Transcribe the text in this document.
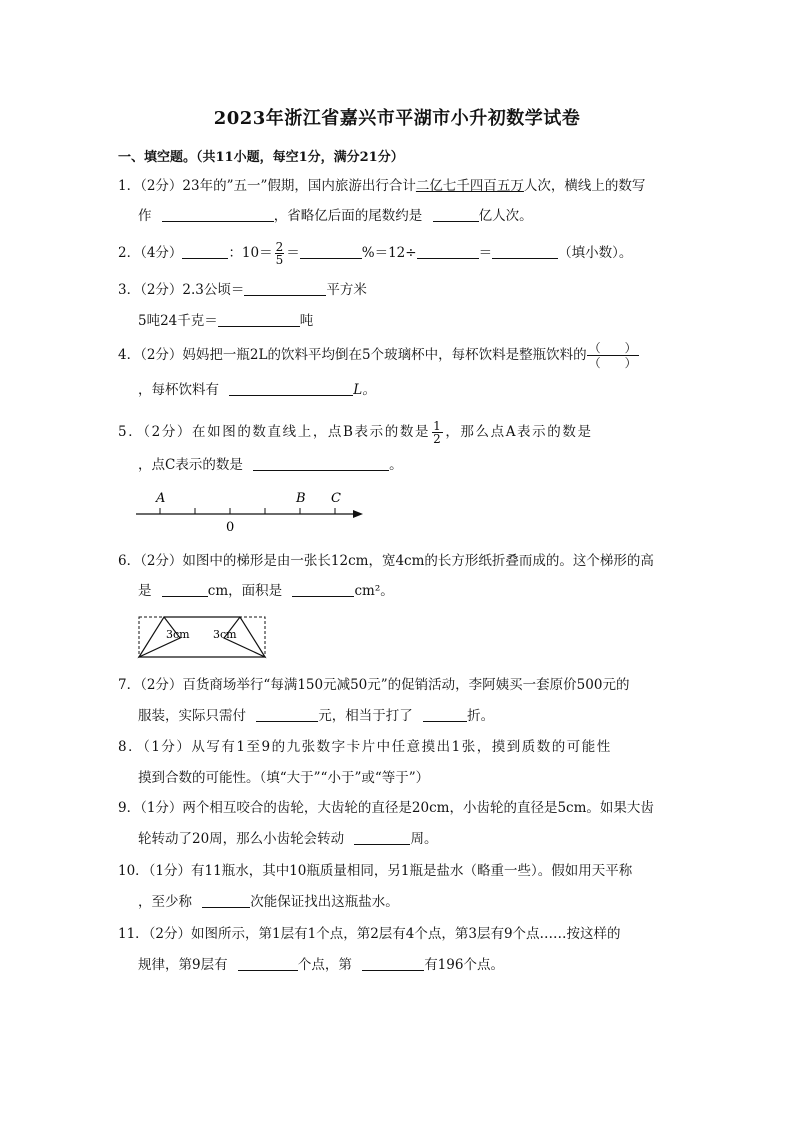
2023年浙江省嘉兴市平湖市小升初数学试卷
一、填空题。（共11小题，每空1分，满分21分）
1．（2分）23年的”五一”假期，国内旅游出行合计二亿七千四百五万人次，横线上的数写
作	，省略亿后面的尾数约是	亿人次。
2．（4分）	：$10= \frac{2}{5}$ ＝	%＝12÷	＝	（填小数）。
3．（2分）2.3公顷＝	平方米
5吨24千克＝	吨
4．（2分）妈妈把一瓶2L的饮料平均倒在5个玻璃杯中，每杯饮料是整瓶饮料的 $\frac{( )}{( )}$
，每杯饮料有	L。
5．（2分）在如图的数直线上，点B表示的数是 $\frac{1}{2}$ ，那么点A表示的数是
，点C表示的数是	。
A	B C
0
6．（2分）如图中的梯形是由一张长12cm，宽4cm的长方形纸折叠而成的。这个梯形的高
是	cm，面积是	cm²。
3cm 3cm
7．（2分）百货商场举行“每满150元减50元”的促销活动，李阿姨买一套原价500元的
服装，实际只需付	元，相当于打了	折。
8．（1分）从写有1至9的九张数字卡片中任意摸出1张，摸到质数的可能性
摸到合数的可能性。（填“大于”“小于”或“等于”）
9．（1分）两个相互咬合的齿轮，大齿轮的直径是20cm，小齿轮的直径是5cm。如果大齿
轮转动了20周，那么小齿轮会转动	周。
10．（1分）有11瓶水，其中10瓶质量相同，另1瓶是盐水（略重一些）。假如用天平称
，至少称	次能保证找出这瓶盐水。
11．（2分）如图所示，第1层有1个点，第2层有4个点，第3层有9个点……按这样的
规律，第9层有	个点，第	有196个点。
